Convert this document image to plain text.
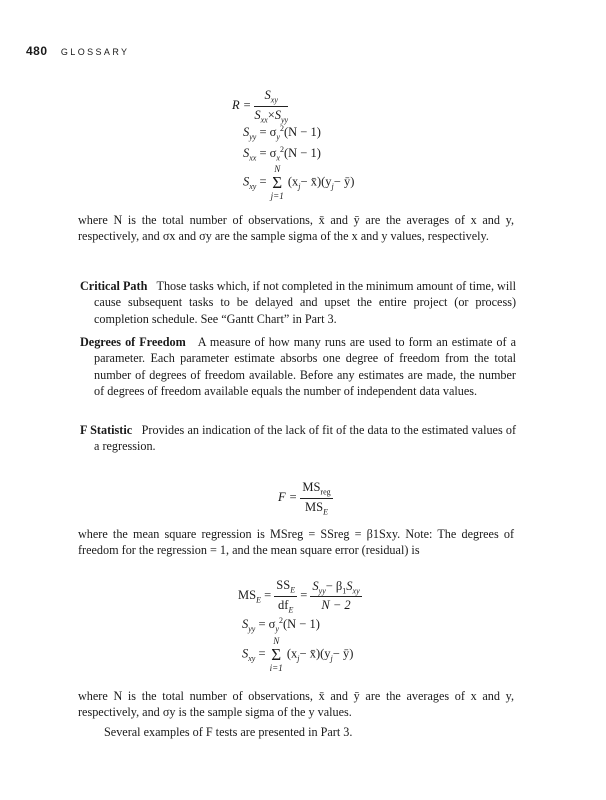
480 GLOSSARY
$R = \frac{S_{xy}}{S_{xx}\times S_{yy}}$
$S_{yy} = \sigma_y^2(N - 1)$
$S_{xx} = \sigma_x^2(N - 1)$
$S_{xy} = N$
Σ
j=1 ($x_j-$ $x̄)(y_j-$ ȳ)

where N is the total number of observations, x̄ and ȳ are the averages of x and y, respectively, and σx and σy are the sample sigma of the x and y values, respectively.

Critical Path Those tasks which, if not completed in the minimum amount of time, will cause subsequent tasks to be delayed and upset the entire project (or process) completion schedule. See “Gantt Chart” in Part 3.

Degrees of Freedom A measure of how many runs are used to form an estimate of a parameter. Each parameter estimate absorbs one degree of freedom from the total number of degrees of freedom available. Before any estimates are made, the number of degrees of freedom available equals the number of independent data values.

F Statistic Provides an indication of the lack of fit of the data to the estimated values of a regression.

$F = \frac{MS_{reg}}{MS_E}$

where the mean square regression is MSreg = SSreg = β1Sxy. Note: The degrees of freedom for the regression = 1, and the mean square error (residual) is

$MS_E = \frac{SS_E}{df_E} = \frac{S_{yy}- \beta_1S_{xy}}{N - 2}$
$S_{yy} = \sigma_y^2(N - 1)$
$S_{xy} = N$
Σ
i=1 ($x_j-$ $x̄)(y_j-$ ȳ)

where N is the total number of observations, x̄ and ȳ are the averages of x and y, respectively, and σy is the sample sigma of the y values.

Several examples of F tests are presented in Part 3.
